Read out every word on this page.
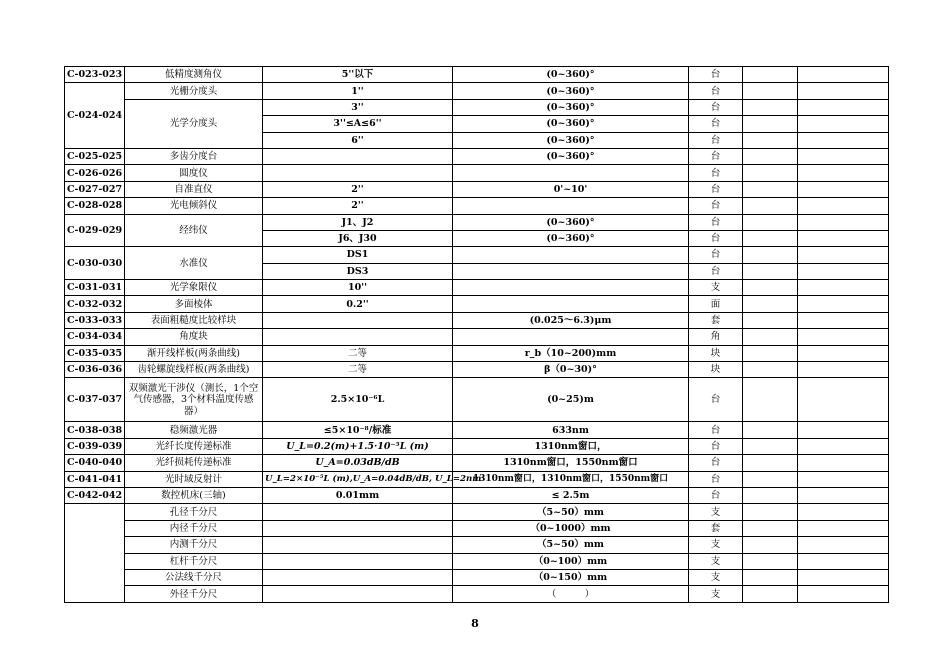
C-023-023	低精度测角仪	5''以下	(0~360)°	台		
C-024-024	光栅分度头	1''	(0~360)°	台		
	光学分度头	3''	(0~360)°	台		
		3''≤A≤6''	(0~360)°	台		
		6''	(0~360)°	台		
C-025-025	多齿分度台		(0~360)°	台		
C-026-026	圆度仪			台		
C-027-027	自准直仪	2''	0'~10'	台		
C-028-028	光电倾斜仪	2''		台		
C-029-029	经纬仪	J1、J2	(0~360)°	台		
		J6、J30	(0~360)°	台		
C-030-030	水准仪	DS1		台		
		DS3		台		
C-031-031	光学象限仪	10''		支		
C-032-032	多面棱体	0.2''		面		
C-033-033	表面粗糙度比较样块		(0.025～6.3)μm	套		
C-034-034	角度块			角		
C-035-035	渐开线样板(两条曲线)	二等	r_b（10~200)mm	块		
C-036-036	齿轮螺旋线样板(两条曲线)	二等	β（0~30)°	块		
C-037-037	双频激光干涉仪（测长，1个空气传感器，3个材料温度传感器）	2.5×10⁻⁶L	(0~25)m	台		
C-038-038	稳频激光器	≤5×10⁻⁸/标准	633nm	台		
C-039-039	光纤长度传递标准	U_L=0.2(m)+1.5·10⁻⁵L (m)	1310nm窗口，	台		
C-040-040	光纤损耗传递标准	U_A=0.03dB/dB	1310nm窗口，1550nm窗口	台		
C-041-041	光时域反射计	U_L=2×10⁻⁵L (m),U_A=0.04dB/dB, U_L=2nm	1310nm窗口，1310nm窗口，1550nm窗口	台		
C-042-042	数控机床(三轴)	0.01mm	≤ 2.5m	台		
	孔径千分尺		（5~50）mm	支		
	内径千分尺		（0~1000）mm	套		
	内测千分尺		（5~50）mm	支		
	杠杆千分尺		（0~100）mm	支		
	公法线千分尺		（0~150）mm	支		
	外径千分尺		（　　　）	支		
8
